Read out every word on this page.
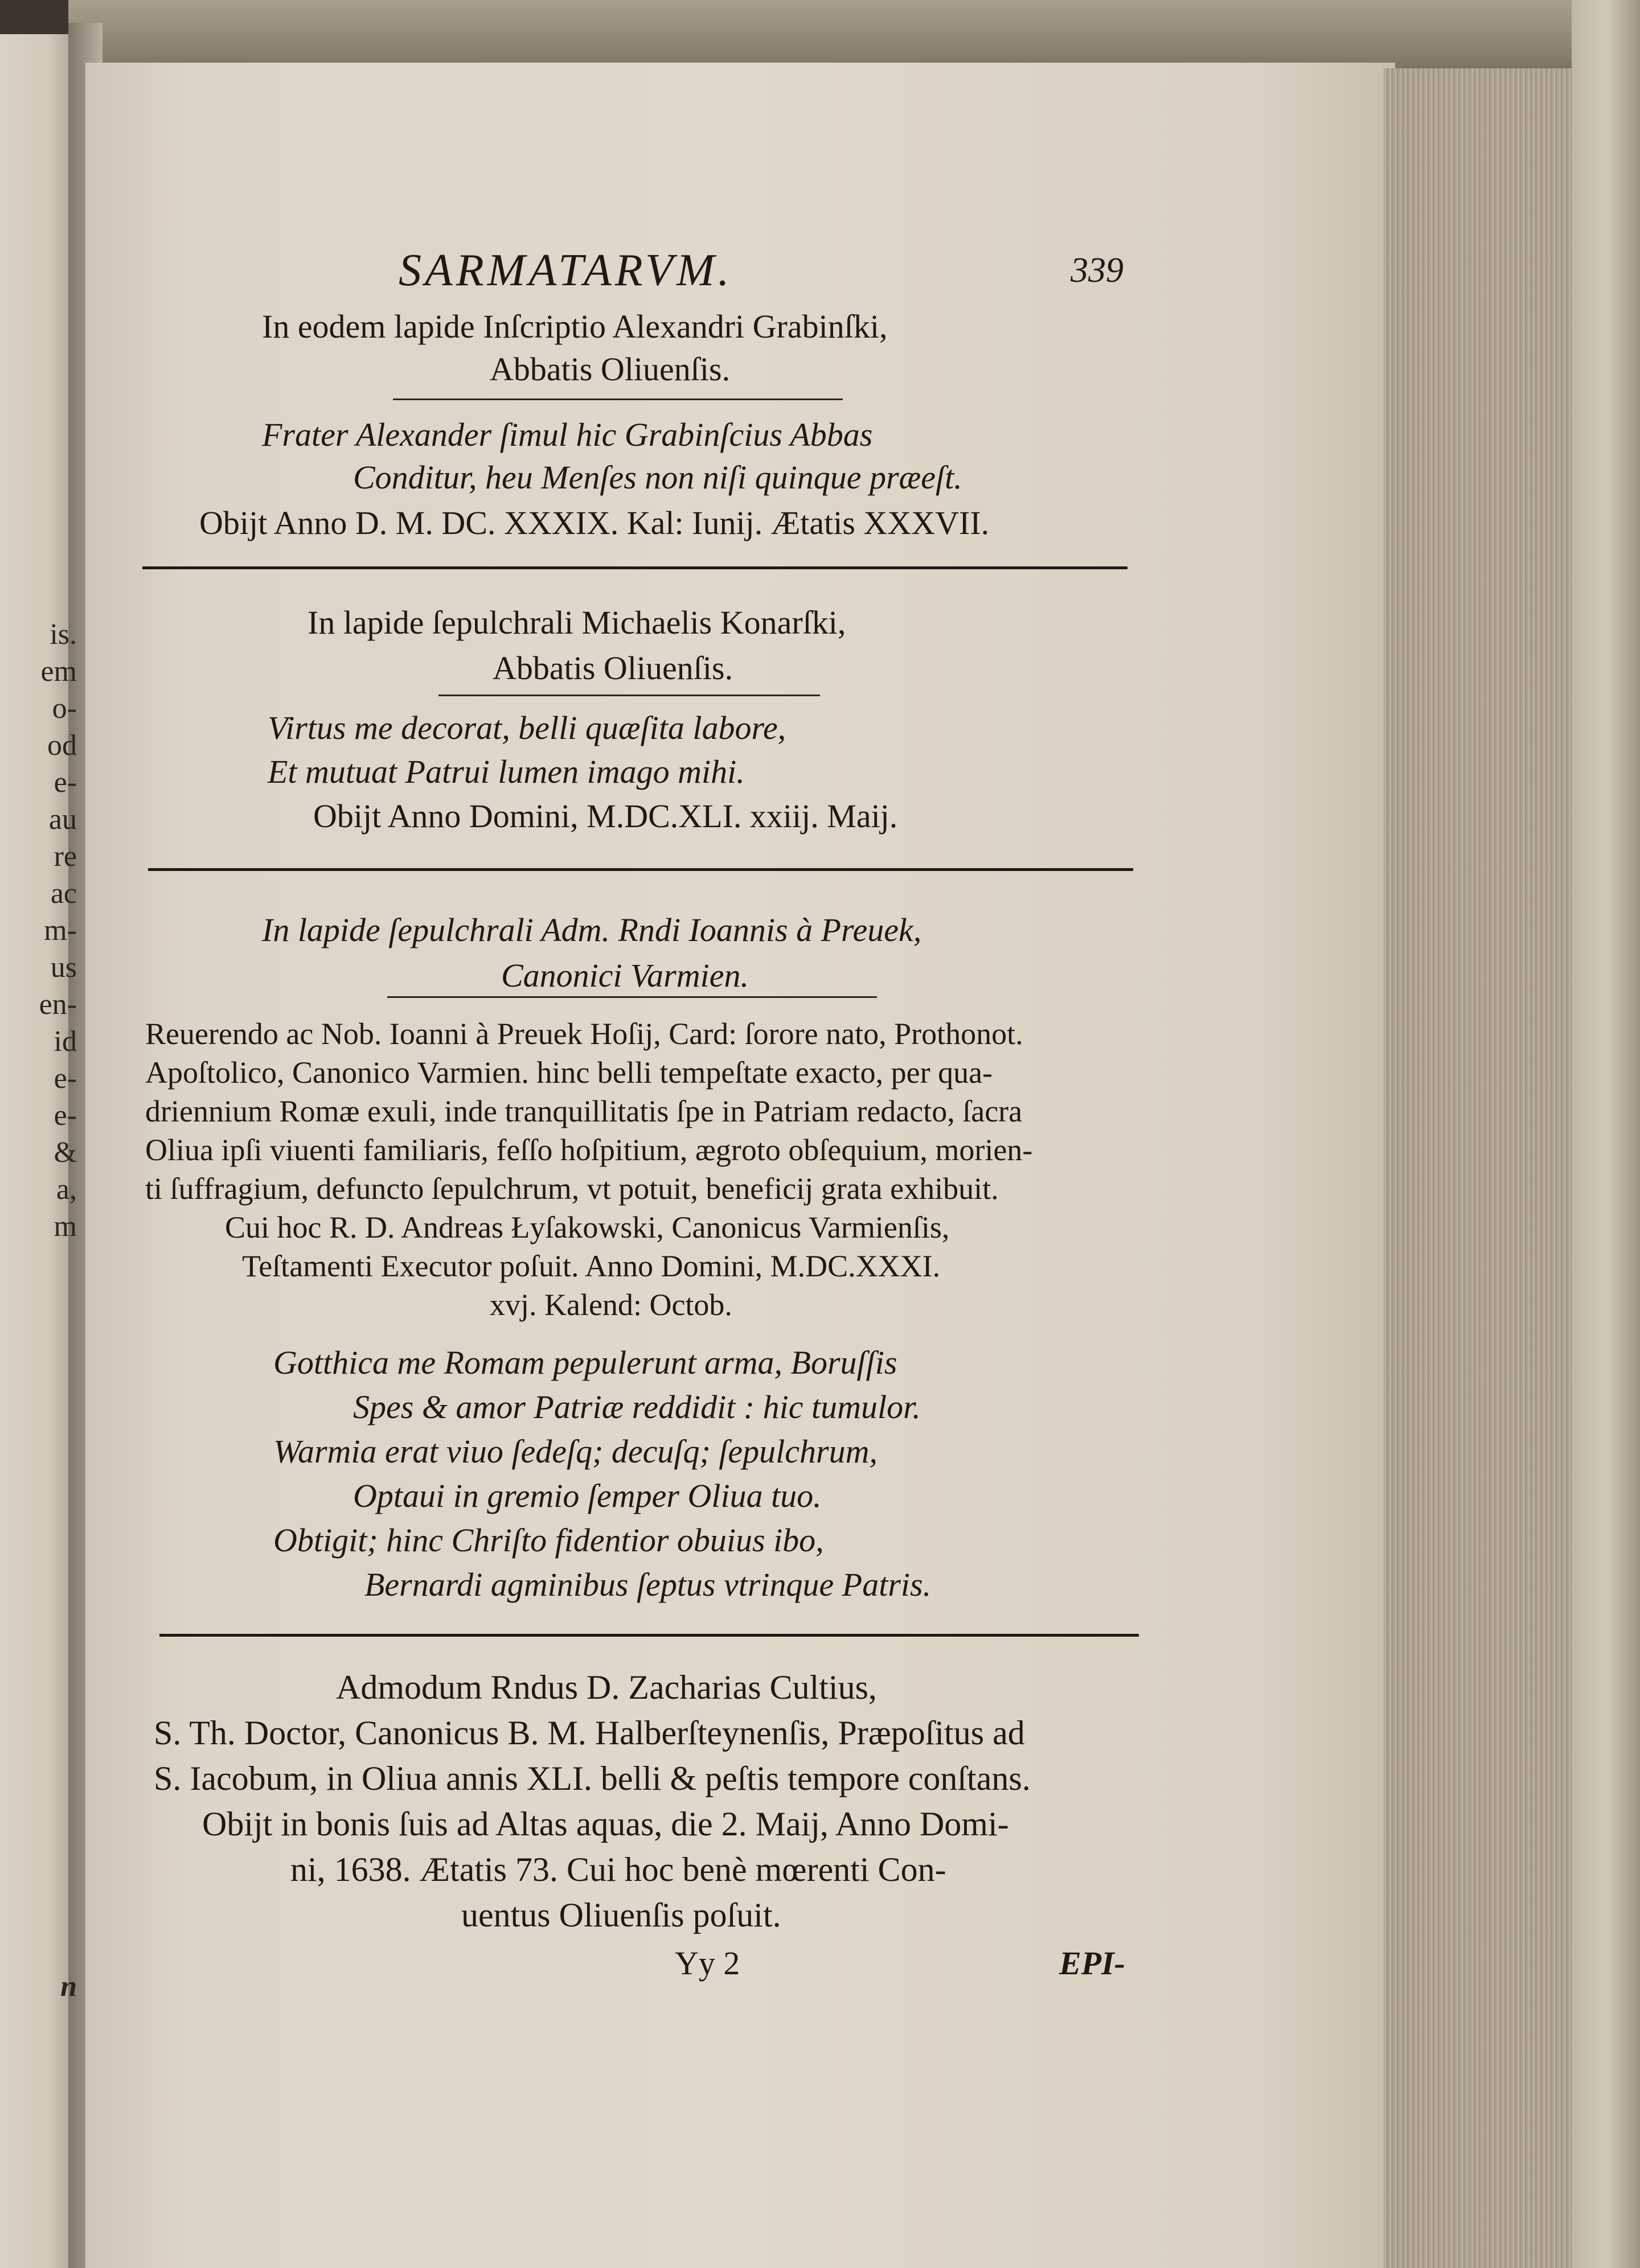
is.
em
o-
od
e-
au
re
ac
m-
us
en-
id
e-
e-
&
a,
m
n
SARMATARVM.	339
In eodem lapide Inſcriptio Alexandri Grabinſki,
Abbatis Oliuenſis.
Frater Alexander ſimul hic Grabinſcius Abbas
Conditur, heu Menſes non niſi quinque præeſt.
Obijt Anno D. M. DC. XXXIX. Kal: Iunij. Ætatis XXXVII.
In lapide ſepulchrali Michaelis Konarſki,
Abbatis Oliuenſis.
Virtus me decorat, belli quæſita labore,
Et mutuat Patrui lumen imago mihi.
Obijt Anno Domini, M.DC.XLI. xxiij. Maij.
In lapide ſepulchrali Adm. Rndi Ioannis à Preuek,
Canonici Varmien.
Reuerendo ac Nob. Ioanni à Preuek Hoſij, Card: ſorore nato, Prothonot.
Apoſtolico, Canonico Varmien. hinc belli tempeſtate exacto, per qua-
driennium Romæ exuli, inde tranquillitatis ſpe in Patriam redacto, ſacra
Oliua ipſi viuenti familiaris, feſſo hoſpitium, ægroto obſequium, morien-
ti ſuffragium, defuncto ſepulchrum, vt potuit, beneficij grata exhibuit.
Cui hoc R. D. Andreas Łyſakowski, Canonicus Varmienſis,
Teſtamenti Executor poſuit. Anno Domini, M.DC.XXXI.
xvj. Kalend: Octob.
Gotthica me Romam pepulerunt arma, Boruſſis
Spes & amor Patriæ reddidit : hic tumulor.
Warmia erat viuo ſedeſq; decuſq; ſepulchrum,
Optaui in gremio ſemper Oliua tuo.
Obtigit; hinc Chriſto fidentior obuius ibo,
Bernardi agminibus ſeptus vtrinque Patris.
Admodum Rndus D. Zacharias Cultius,
S. Th. Doctor, Canonicus B. M. Halberſteynenſis, Præpoſitus ad
S. Iacobum, in Oliua annis XLI. belli & peſtis tempore conſtans.
Obijt in bonis ſuis ad Altas aquas, die 2. Maij, Anno Domi-
ni, 1638. Ætatis 73. Cui hoc benè mœrenti Con-
uentus Oliuenſis poſuit.
Yy 2	EPI-
